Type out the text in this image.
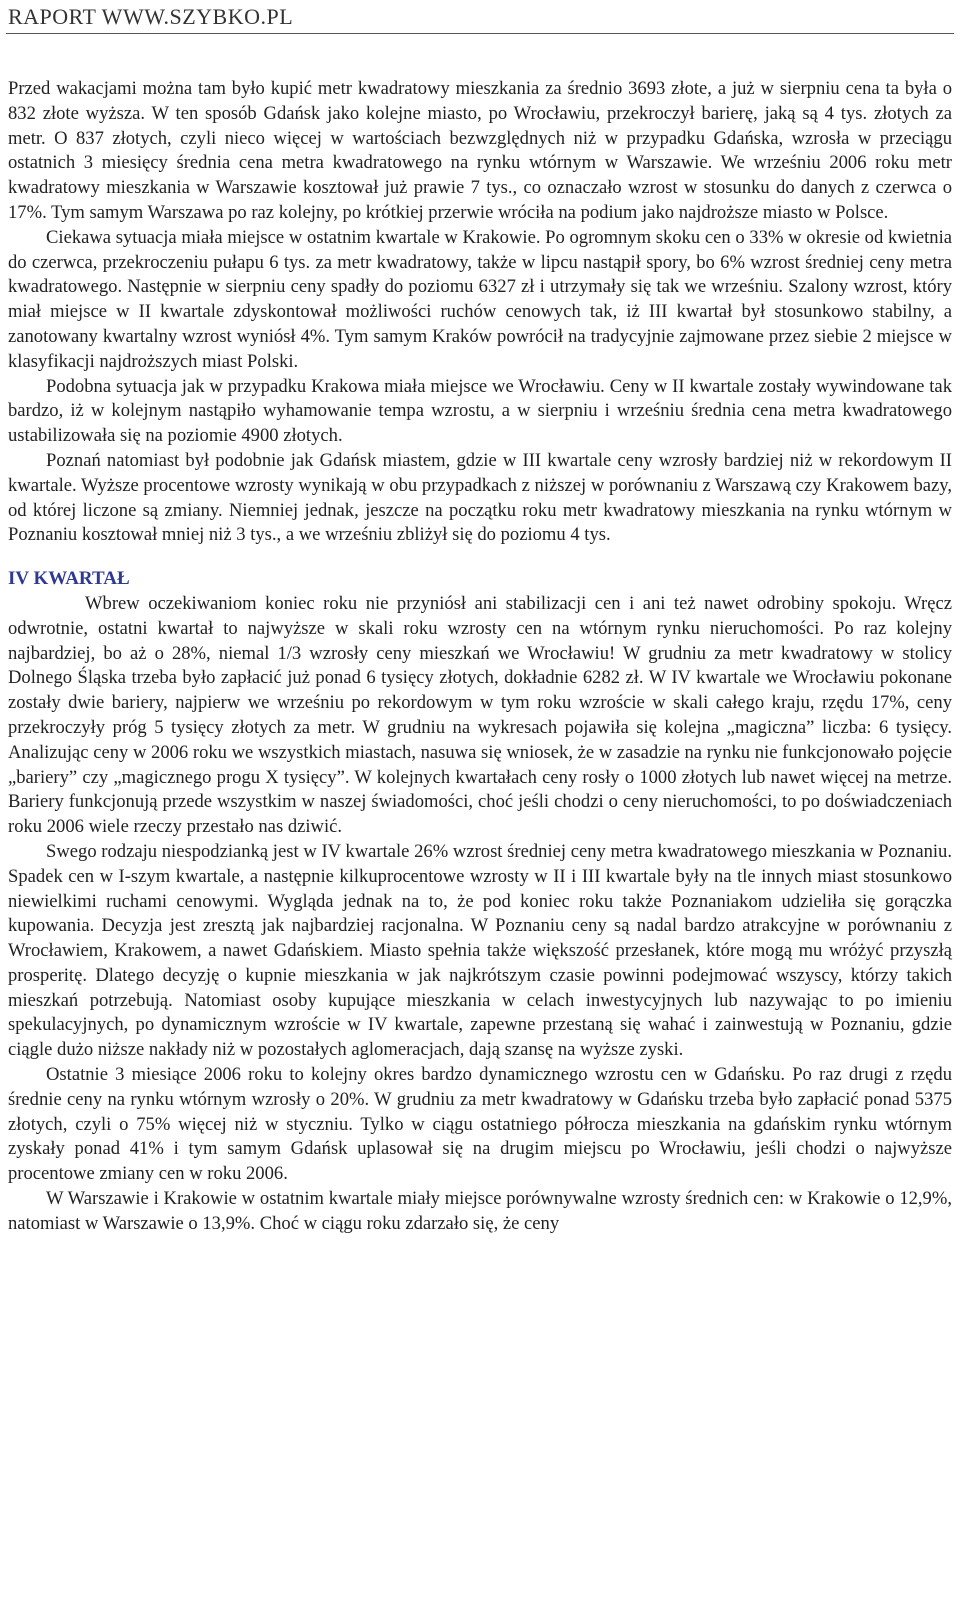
RAPORT WWW.SZYBKO.PL

Przed wakacjami można tam było kupić metr kwadratowy mieszkania za średnio 3693 złote, a już w sierpniu cena ta była o 832 złote wyższa. W ten sposób Gdańsk jako kolejne miasto, po Wrocławiu, przekroczył barierę, jaką są 4 tys. złotych za metr. O 837 złotych, czyli nieco więcej w wartościach bezwzględnych niż w przypadku Gdańska, wzrosła w przeciągu ostatnich 3 miesięcy średnia cena metra kwadratowego na rynku wtórnym w Warszawie. We wrześniu 2006 roku metr kwadratowy mieszkania w Warszawie kosztował już prawie 7 tys., co oznaczało wzrost w stosunku do danych z czerwca o 17%. Tym samym Warszawa po raz kolejny, po krótkiej przerwie wróciła na podium jako najdroższe miasto w Polsce.

Ciekawa sytuacja miała miejsce w ostatnim kwartale w Krakowie. Po ogromnym skoku cen o 33% w okresie od kwietnia do czerwca, przekroczeniu pułapu 6 tys. za metr kwadratowy, także w lipcu nastąpił spory, bo 6% wzrost średniej ceny metra kwadratowego. Następnie w sierpniu ceny spadły do poziomu 6327 zł i utrzymały się tak we wrześniu. Szalony wzrost, który miał miejsce w II kwartale zdyskontował możliwości ruchów cenowych tak, iż III kwartał był stosunkowo stabilny, a zanotowany kwartalny wzrost wyniósł 4%. Tym samym Kraków powrócił na tradycyjnie zajmowane przez siebie 2 miejsce w klasyfikacji najdroższych miast Polski.

Podobna sytuacja jak w przypadku Krakowa miała miejsce we Wrocławiu. Ceny w II kwartale zostały wywindowane tak bardzo, iż w kolejnym nastąpiło wyhamowanie tempa wzrostu, a w sierpniu i wrześniu średnia cena metra kwadratowego ustabilizowała się na poziomie 4900 złotych.

Poznań natomiast był podobnie jak Gdańsk miastem, gdzie w III kwartale ceny wzrosły bardziej niż w rekordowym II kwartale. Wyższe procentowe wzrosty wynikają w obu przypadkach z niższej w porównaniu z Warszawą czy Krakowem bazy, od której liczone są zmiany. Niemniej jednak, jeszcze na początku roku metr kwadratowy mieszkania na rynku wtórnym w Poznaniu kosztował mniej niż 3 tys., a we wrześniu zbliżył się do poziomu 4 tys.

IV KWARTAŁ

Wbrew oczekiwaniom koniec roku nie przyniósł ani stabilizacji cen i ani też nawet odrobiny spokoju. Wręcz odwrotnie, ostatni kwartał to najwyższe w skali roku wzrosty cen na wtórnym rynku nieruchomości. Po raz kolejny najbardziej, bo aż o 28%, niemal 1/3 wzrosły ceny mieszkań we Wrocławiu! W grudniu za metr kwadratowy w stolicy Dolnego Śląska trzeba było zapłacić już ponad 6 tysięcy złotych, dokładnie 6282 zł. W IV kwartale we Wrocławiu pokonane zostały dwie bariery, najpierw we wrześniu po rekordowym w tym roku wzroście w skali całego kraju, rzędu 17%, ceny przekroczyły próg 5 tysięcy złotych za metr. W grudniu na wykresach pojawiła się kolejna „magiczna” liczba: 6 tysięcy. Analizując ceny w 2006 roku we wszystkich miastach, nasuwa się wniosek, że w zasadzie na rynku nie funkcjonowało pojęcie „bariery” czy „magicznego progu X tysięcy”. W kolejnych kwartałach ceny rosły o 1000 złotych lub nawet więcej na metrze. Bariery funkcjonują przede wszystkim w naszej świadomości, choć jeśli chodzi o ceny nieruchomości, to po doświadczeniach roku 2006 wiele rzeczy przestało nas dziwić.

Swego rodzaju niespodzianką jest w IV kwartale 26% wzrost średniej ceny metra kwadratowego mieszkania w Poznaniu. Spadek cen w I-szym kwartale, a następnie kilkuprocentowe wzrosty w II i III kwartale były na tle innych miast stosunkowo niewielkimi ruchami cenowymi. Wygląda jednak na to, że pod koniec roku także Poznaniakom udzieliła się gorączka kupowania. Decyzja jest zresztą jak najbardziej racjonalna. W Poznaniu ceny są nadal bardzo atrakcyjne w porównaniu z Wrocławiem, Krakowem, a nawet Gdańskiem. Miasto spełnia także większość przesłanek, które mogą mu wróżyć przyszłą prosperitę. Dlatego decyzję o kupnie mieszkania w jak najkrótszym czasie powinni podejmować wszyscy, którzy takich mieszkań potrzebują. Natomiast osoby kupujące mieszkania w celach inwestycyjnych lub nazywając to po imieniu spekulacyjnych, po dynamicznym wzroście w IV kwartale, zapewne przestaną się wahać i zainwestują w Poznaniu, gdzie ciągle dużo niższe nakłady niż w pozostałych aglomeracjach, dają szansę na wyższe zyski.

Ostatnie 3 miesiące 2006 roku to kolejny okres bardzo dynamicznego wzrostu cen w Gdańsku. Po raz drugi z rzędu średnie ceny na rynku wtórnym wzrosły o 20%. W grudniu za metr kwadratowy w Gdańsku trzeba było zapłacić ponad 5375 złotych, czyli o 75% więcej niż w styczniu. Tylko w ciągu ostatniego półrocza mieszkania na gdańskim rynku wtórnym zyskały ponad 41% i tym samym Gdańsk uplasował się na drugim miejscu po Wrocławiu, jeśli chodzi o najwyższe procentowe zmiany cen w roku 2006.

W Warszawie i Krakowie w ostatnim kwartale miały miejsce porównywalne wzrosty średnich cen: w Krakowie o 12,9%, natomiast w Warszawie o 13,9%. Choć w ciągu roku zdarzało się, że ceny
